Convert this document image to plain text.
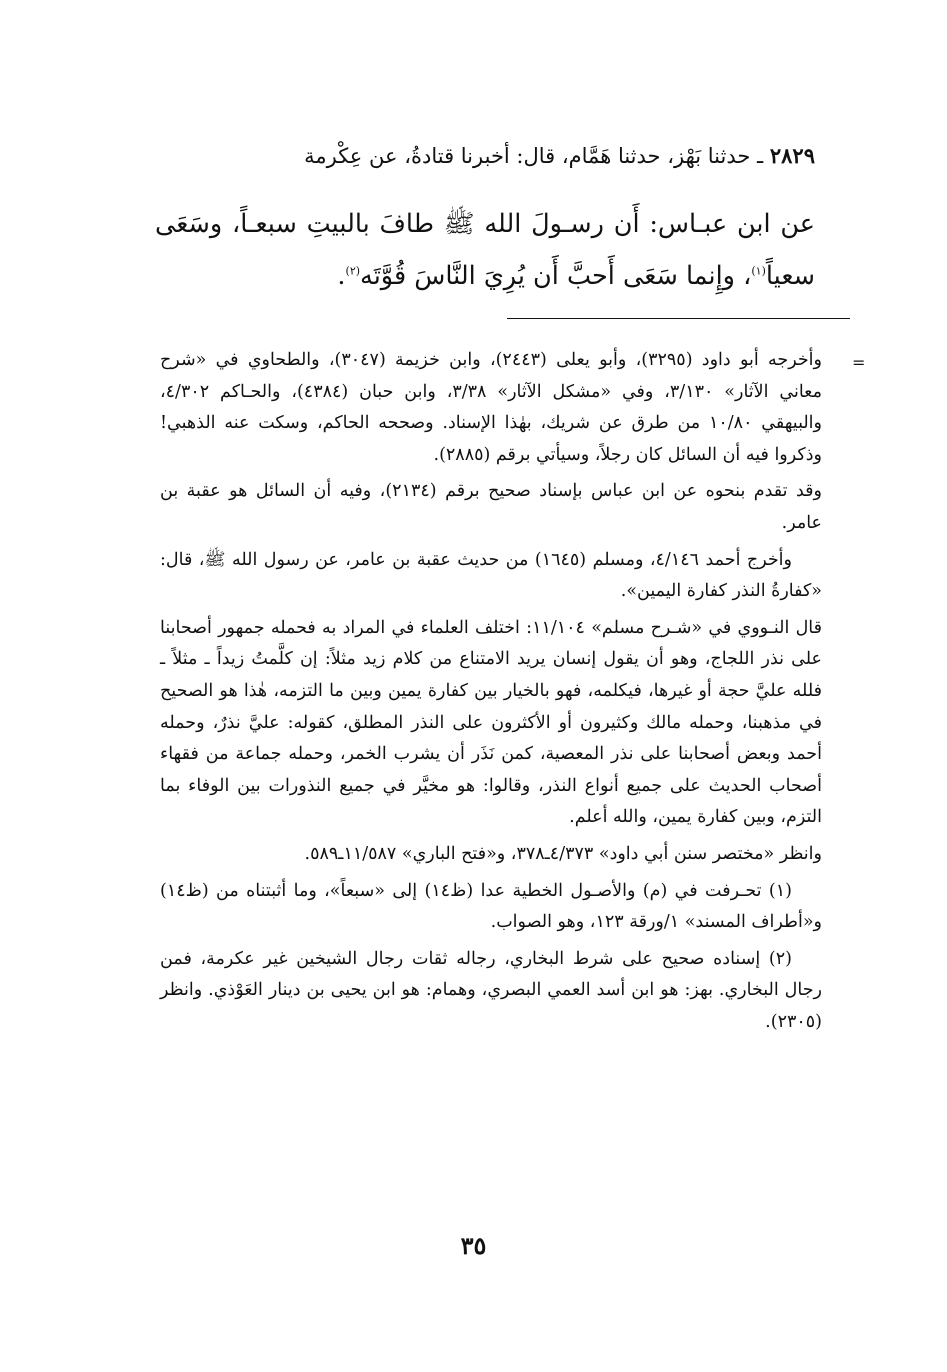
٢٨٢٩ ـ حدثنا بَهْز، حدثنا هَمَّام، قال: أخبرنا قتادةُ، عن عِكْرمة
عن ابن عبـاس: أَن رسـولَ الله ﷺ طافَ بالبيتِ سبعـاً، وسَعَى سعياً$^{(١)}$، وإِنما سَعَى أَحبَّ أَن يُرِيَ النَّاسَ قُوَّتَه$^{(٢)}$.
=

وأخرجه أبو داود (٣٢٩٥)، وأبو يعلى (٢٤٤٣)، وابن خزيمة (٣٠٤٧)، والطحاوي في «شرح معاني الآثار» ٣/١٣٠، وفي «مشكل الآثار» ٣/٣٨، وابن حبان (٤٣٨٤)، والحـاكم ٤/٣٠٢، والبيهقي ١٠/٨٠ من طرق عن شريك، بهٰذا الإسناد. وصححه الحاكم، وسكت عنه الذهبي! وذكروا فيه أن السائل كان رجلاً، وسيأتي برقم (٢٨٨٥).

وقد تقدم بنحوه عن ابن عباس بإسناد صحيح برقم (٢١٣٤)، وفيه أن السائل هو عقبة بن عامر.

وأخرج أحمد ٤/١٤٦، ومسلم (١٦٤٥) من حديث عقبة بن عامر، عن رسول الله ﷺ، قال: «كفارةُ النذر كفارة اليمين».

قال النـووي في «شـرح مسلم» ١١/١٠٤: اختلف العلماء في المراد به فحمله جمهور أصحابنا على نذر اللجاج، وهو أن يقول إنسان يريد الامتناع من كلام زيد مثلاً: إن كلَّمتُ زيداً ـ مثلاً ـ فلله عليَّ حجة أو غيرها، فيكلمه، فهو بالخيار بين كفارة يمين وبين ما التزمه، هٰذا هو الصحيح في مذهبنا، وحمله مالك وكثيرون أو الأكثرون على النذر المطلق، كقوله: عليَّ نذرٌ، وحمله أحمد وبعض أصحابنا على نذر المعصية، كمن نَذَر أن يشرب الخمر، وحمله جماعة من فقهاء أصحاب الحديث على جميع أنواع النذر، وقالوا: هو مخيَّر في جميع النذورات بين الوفاء بما التزم، وبين كفارة يمين، والله أعلم.

وانظر «مختصر سنن أبي داود» ٤/٣٧٣ـ٣٧٨، و«فتح الباري» ١١/٥٨٧ـ٥٨٩.

(١) تحـرفت في (م) والأصـول الخطية عدا (ظ١٤) إلى «سبعاً»، وما أثبتناه من (ظ١٤) و«أطراف المسند» ١/ورقة ١٢٣، وهو الصواب.

(٢) إسناده صحيح على شرط البخاري، رجاله ثقات رجال الشيخين غير عكرمة، فمن رجال البخاري. بهز: هو ابن أسد العمي البصري، وهمام: هو ابن يحيى بن دينار العَوْذي. وانظر (٢٣٠٥).

٣٥
